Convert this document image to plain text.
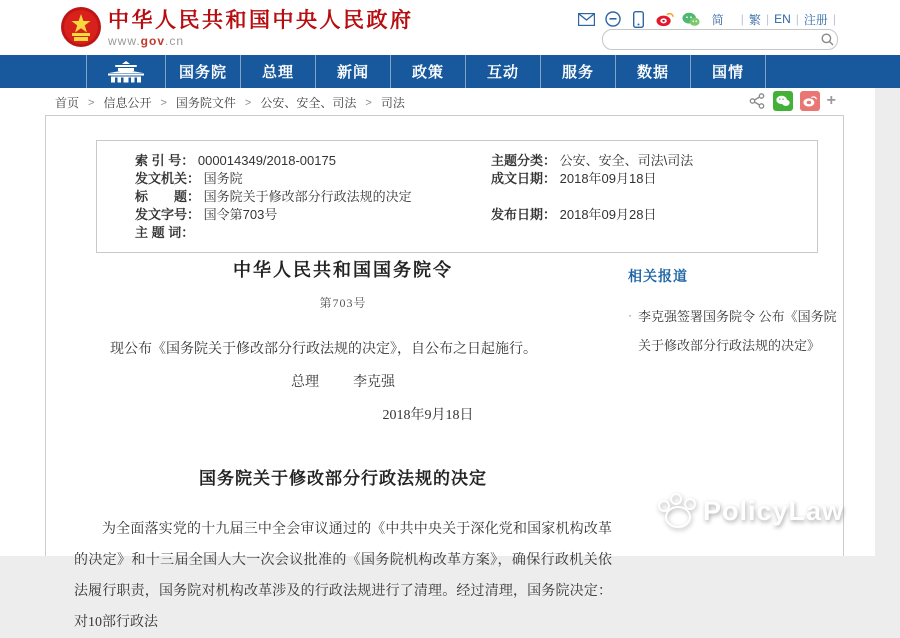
中华人民共和国中央人民政府
www.gov.cn
简 | 繁 | EN | 注册 |
国务院	总理	新闻	政策	互动	服务	数据	国情
首页 > 信息公开 > 国务院文件 > 公安、安全、司法 > 司法	+
索 引 号： 000014349/2018-00175	主题分类： 公安、安全、司法\司法
发文机关： 国务院	成文日期： 2018年09月18日
标　　题： 国务院关于修改部分行政法规的决定
发文字号： 国令第703号	发布日期： 2018年09月28日
主 题 词：
中华人民共和国国务院令
第703号
现公布《国务院关于修改部分行政法规的决定》，自公布之日起施行。
总理 李克强
2018年9月18日
国务院关于修改部分行政法规的决定
为全面落实党的十九届三中全会审议通过的《中共中央关于深化党和国家机构改革的决定》和十三届全国人大一次会议批准的《国务院机构改革方案》，确保行政机关依法履行职责，国务院对机构改革涉及的行政法规进行了清理。经过清理，国务院决定：对10部行政法
相关报道
· 李克强签署国务院令 公布《国务院关于修改部分行政法规的决定》
PolicyLaw
